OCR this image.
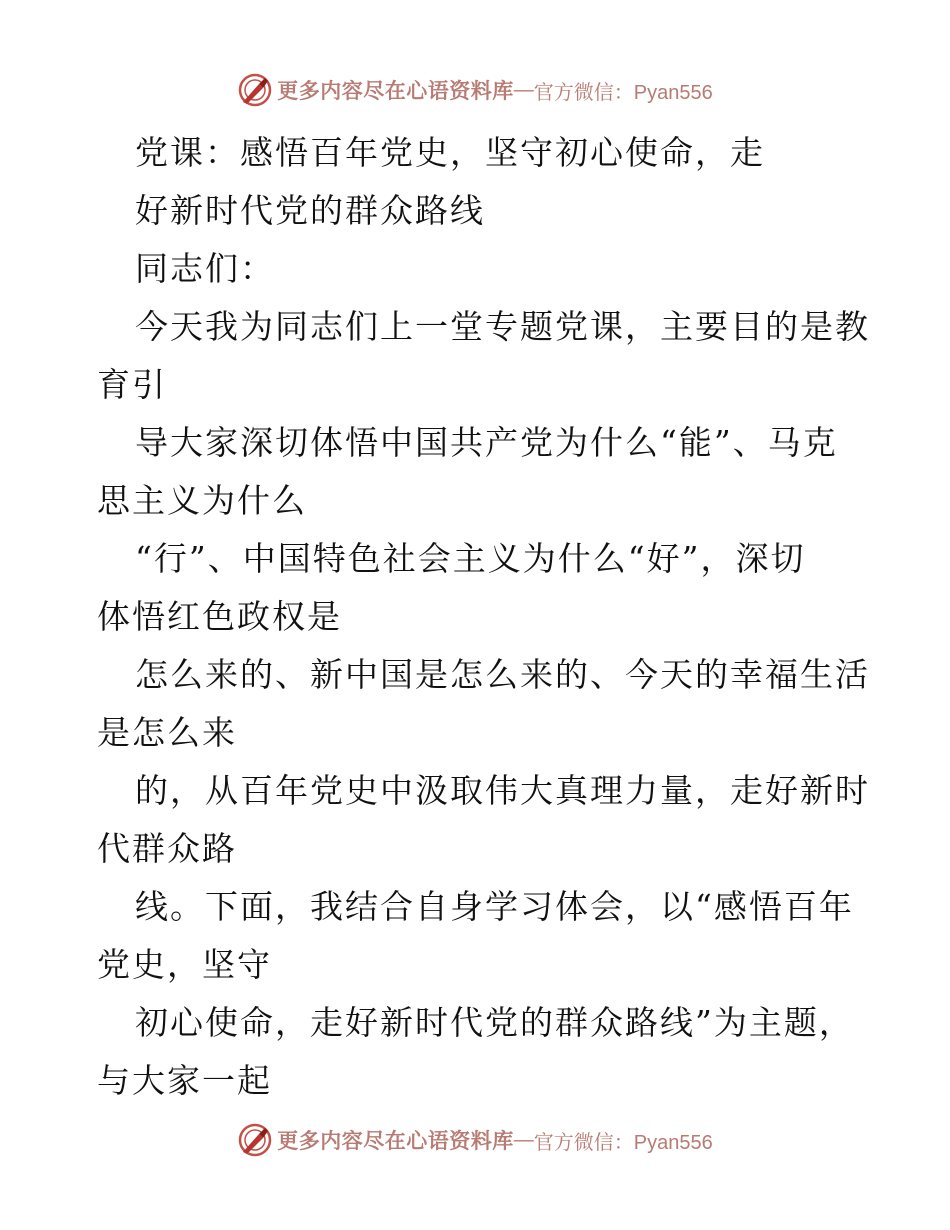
更多内容尽在心语资料库 — 官方微信：Pyan556
党课：感悟百年党史，坚守初心使命，走
好新时代党的群众路线
同志们：
今天我为同志们上一堂专题党课，主要目的是教
育引
导大家深切体悟中国共产党为什么“能”、马克
思主义为什么
“行”、中国特色社会主义为什么“好”，深切
体悟红色政权是
怎么来的、新中国是怎么来的、今天的幸福生活
是怎么来
的，从百年党史中汲取伟大真理力量，走好新时
代群众路
线。下面，我结合自身学习体会，以“感悟百年
党史，坚守
初心使命，走好新时代党的群众路线”为主题，
与大家一起
更多内容尽在心语资料库 — 官方微信：Pyan556
